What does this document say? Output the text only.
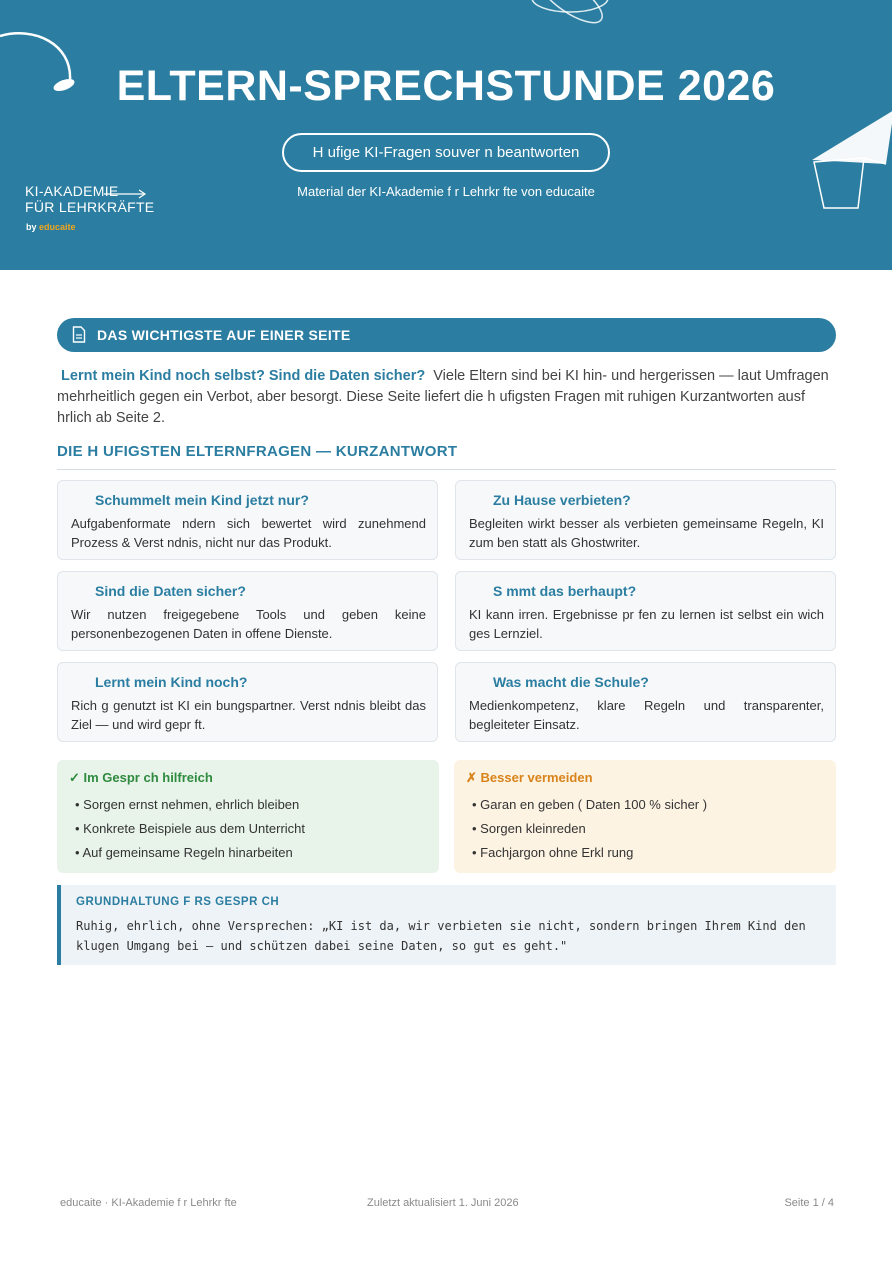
ELTERN-SPRECHSTUNDE 2026
H ufige KI-Fragen souver n beantworten
Material der KI-Akademie f r Lehrkr fte von educaite
KI-AKADEMIE
FÜR LEHRKRÄFTE
by educaite
DAS WICHTIGSTE AUF EINER SEITE
Lernt mein Kind noch selbst? Sind die Daten sicher? Viele Eltern sind bei KI hin- und hergerissen — laut Umfragen mehrheitlich gegen ein Verbot, aber besorgt. Diese Seite liefert die h ufigsten Fragen mit ruhigen Kurzantworten ausf hrlich ab Seite 2.
DIE H UFIGSTEN ELTERNFRAGEN — KURZANTWORT
Schummelt mein Kind jetzt nur?
Aufgabenformate ndern sich bewertet wird zunehmend Prozess & Verst ndnis, nicht nur das Produkt.
Zu Hause verbieten?
Begleiten wirkt besser als verbieten gemeinsame Regeln, KI zum ben statt als Ghostwriter.
Sind die Daten sicher?
Wir nutzen freigegebene Tools und geben keine personenbezogenen Daten in offene Dienste.
S mmt das berhaupt?
KI kann irren. Ergebnisse pr fen zu lernen ist selbst ein wich ges Lernziel.
Lernt mein Kind noch?
Rich g genutzt ist KI ein bungspartner. Verst ndnis bleibt das Ziel — und wird gepr ft.
Was macht die Schule?
Medienkompetenz, klare Regeln und transparenter, begleiteter Einsatz.
✓ Im Gespr ch hilfreich
• Sorgen ernst nehmen, ehrlich bleiben
• Konkrete Beispiele aus dem Unterricht
• Auf gemeinsame Regeln hinarbeiten
✗ Besser vermeiden
• Garan en geben ( Daten 100 % sicher )
• Sorgen kleinreden
• Fachjargon ohne Erkl rung
GRUNDHALTUNG F RS GESPR CH
Ruhig, ehrlich, ohne Versprechen: „KI ist da, wir verbieten sie nicht, sondern bringen Ihrem Kind den klugen Umgang bei — und schützen dabei seine Daten, so gut es geht."
educaite · KI-Akademie f r Lehrkr fte	Zuletzt aktualisiert 1. Juni 2026	Seite 1 / 4
